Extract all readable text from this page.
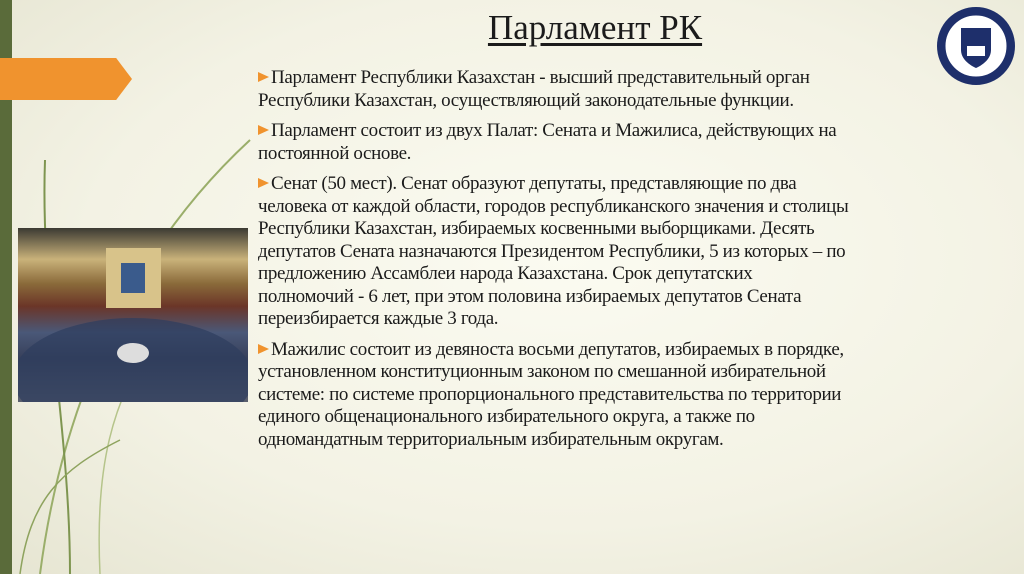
Парламент РК
Парламент Республики Казахстан - высший представительный орган
Республики Казахстан, осуществляющий законодательные функции.
Парламент состоит из двух Палат: Сената и Мажилиса, действующих на
постоянной основе.
Сенат (50 мест). Сенат образуют депутаты, представляющие по два
человека от каждой области, городов республиканского значения и столицы
Республики Казахстан, избираемых косвенными выборщиками. Десять
депутатов Сената назначаются Президентом Республики, 5 из которых – по
предложению Ассамблеи народа Казахстана. Срок депутатских
полномочий - 6 лет, при этом половина избираемых депутатов Сената
переизбирается каждые 3 года.
Мажилис состоит из девяноста восьми депутатов, избираемых в порядке,
установленном конституционным законом по смешанной избирательной
системе: по системе пропорционального представительства по территории
единого общенационального избирательного округа, а также по
одномандатным территориальным избирательным округам.
